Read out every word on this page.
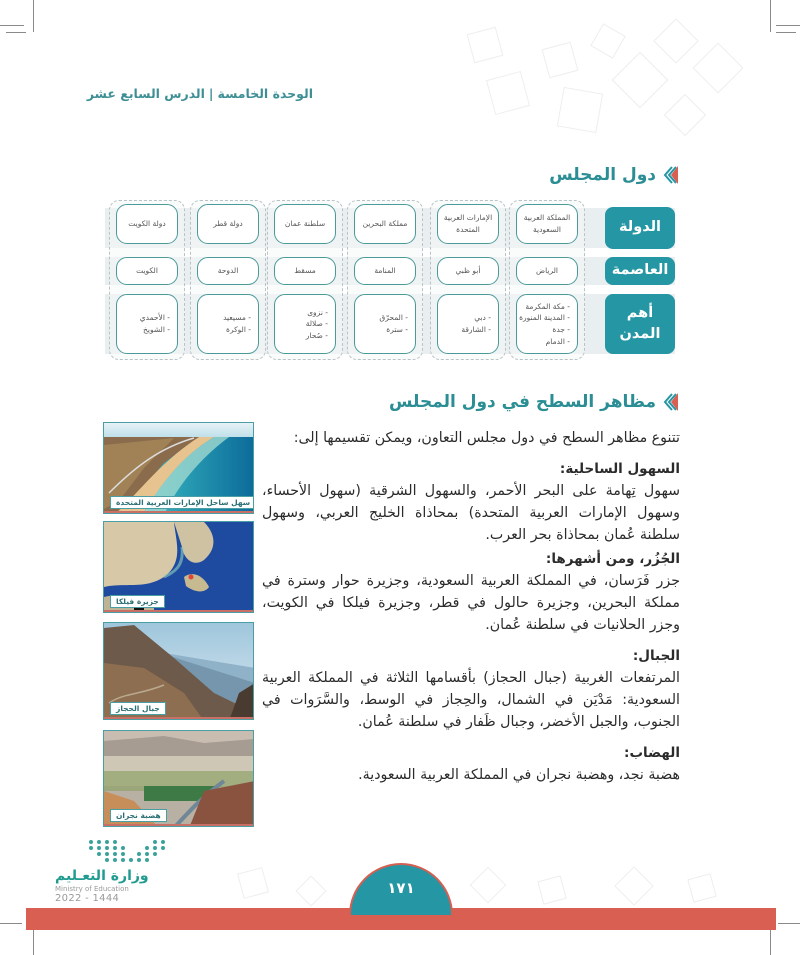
الوحدة الخامسة|الدرس السابع عشر
دول المجلس
الدولة
العاصمة
أهم المدن
المملكة العربية السعودية
الإمارات العربية المتحدة
مملكة البحرين
سلطنة عمان
دولة قطر
دولة الكويت
الرياض
أبو ظبي
المنامة
مسقط
الدوحة
الكويت
- مكة المكرمة
- المدينة المنورة
- جدة
- الدمام
- دبي
- الشارقة
- المحرّق
- سترة
- نزوى
- صلالة
- صُحار
- مسيعيد
- الوكرة
- الأحمدي
- الشويخ
مظاهر السطح في دول المجلس

تتنوع مظاهر السطح في دول مجلس التعاون، ويمكن تقسيمها إلى:

السهول الساحلية:

سهول تِهامة على البحر الأحمر، والسهول الشرقية (سهول الأحساء، وسهول الإمارات العربية المتحدة) بمحاذاة الخليج العربي، وسهول سلطنة عُمان بمحاذاة بحر العرب.

الجُزُر، ومن أشهرها:

جزر فَرَسان، في المملكة العربية السعودية، وجزيرة حوار وسترة في مملكة البحرين، وجزيرة حالول في قطر، وجزيرة فيلكا في الكويت، وجزر الحلانيات في سلطنة عُمان.

الجبال:

المرتفعات الغربية (جبال الحجاز) بأقسامها الثلاثة في المملكة العربية السعودية: مَدْيَن في الشمال، والحِجاز في الوسط، والسَّرَوات في الجنوب، والجبل الأخضر، وجبال ظَفار في سلطنة عُمان.

الهضاب:

هضبة نجد، وهضبة نجران في المملكة العربية السعودية.

سهل ساحل الإمارات العربية المتحدة
جزيرة فيلكا
جبال الحجاز
هضبة نجران
وزارة التعـليم
Ministry of Education
2022 - 1444
١٧١
